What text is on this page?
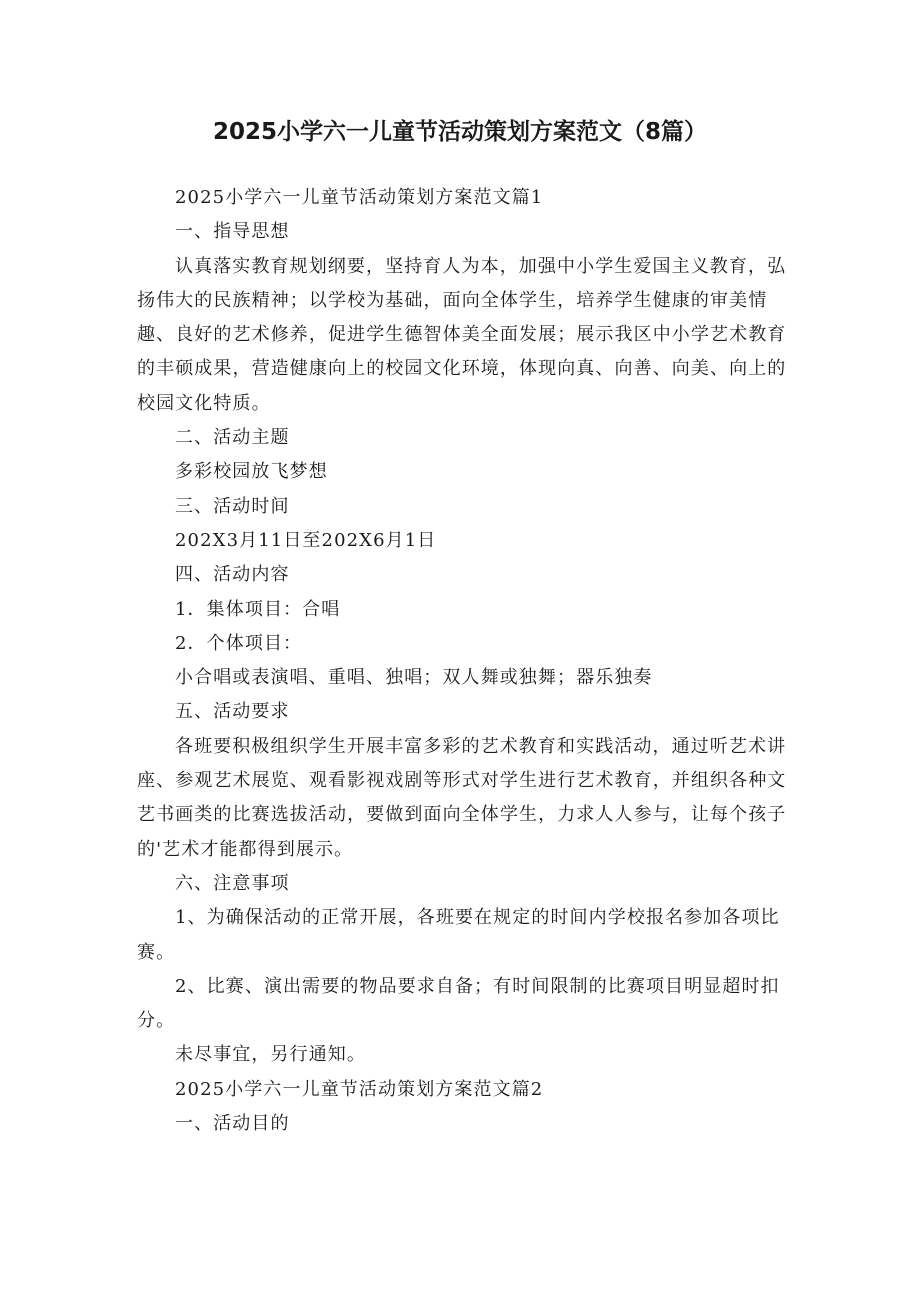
2025小学六一儿童节活动策划方案范文（8篇）

2025小学六一儿童节活动策划方案范文篇1

一、指导思想

认真落实教育规划纲要，坚持育人为本，加强中小学生爱国主义教育，弘扬伟大的民族精神；以学校为基础，面向全体学生，培养学生健康的审美情趣、良好的艺术修养，促进学生德智体美全面发展；展示我区中小学艺术教育的丰硕成果，营造健康向上的校园文化环境，体现向真、向善、向美、向上的校园文化特质。

二、活动主题

多彩校园放飞梦想

三、活动时间

202X3月11日至202X6月1日

四、活动内容

1．集体项目：合唱

2．个体项目：

小合唱或表演唱、重唱、独唱；双人舞或独舞；器乐独奏

五、活动要求

各班要积极组织学生开展丰富多彩的艺术教育和实践活动，通过听艺术讲座、参观艺术展览、观看影视戏剧等形式对学生进行艺术教育，并组织各种文艺书画类的比赛选拔活动，要做到面向全体学生，力求人人参与，让每个孩子的'艺术才能都得到展示。

六、注意事项

1、为确保活动的正常开展，各班要在规定的时间内学校报名参加各项比赛。

2、比赛、演出需要的物品要求自备；有时间限制的比赛项目明显超时扣分。

未尽事宜，另行通知。

2025小学六一儿童节活动策划方案范文篇2

一、活动目的
